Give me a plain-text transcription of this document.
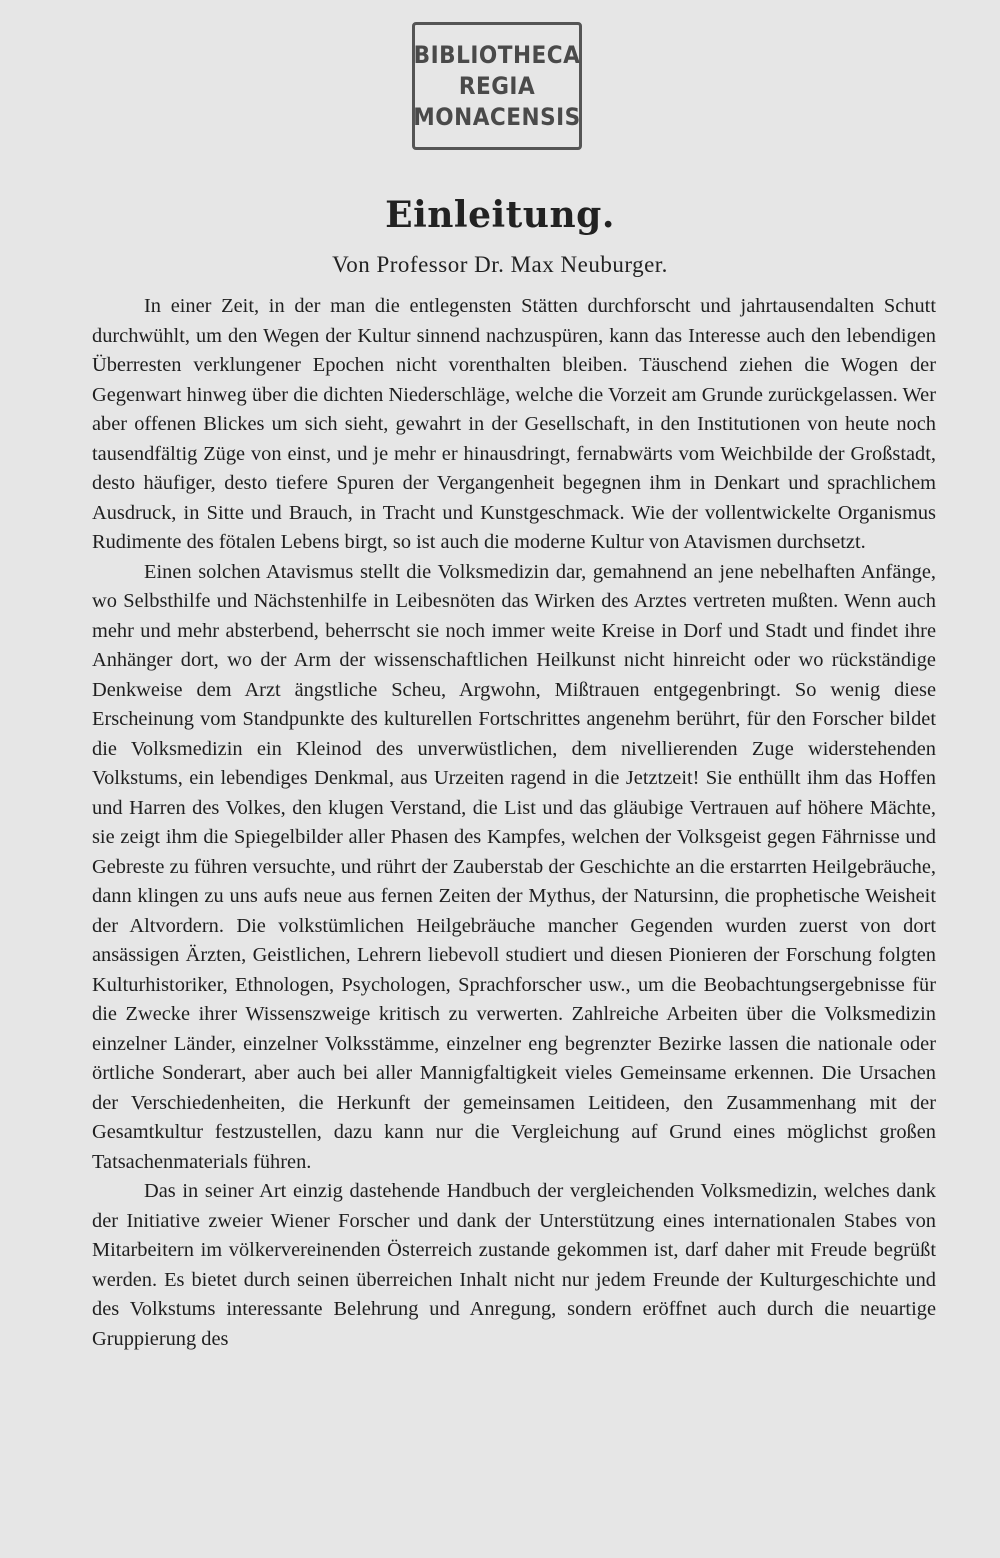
BIBLIOTHECA
REGIA
MONACENSIS
Einleitung.
Von Professor Dr. Max Neuburger.

In einer Zeit, in der man die entlegensten Stätten durchforscht und jahrtausendalten Schutt durchwühlt, um den Wegen der Kultur sinnend nachzuspüren, kann das Interesse auch den lebendigen Überresten verklungener Epochen nicht vorenthalten bleiben. Täuschend ziehen die Wogen der Gegenwart hinweg über die dichten Niederschläge, welche die Vorzeit am Grunde zurückgelassen. Wer aber offenen Blickes um sich sieht, gewahrt in der Gesellschaft, in den Institutionen von heute noch tausendfältig Züge von einst, und je mehr er hinausdringt, fernabwärts vom Weichbilde der Großstadt, desto häufiger, desto tiefere Spuren der Vergangenheit begegnen ihm in Denkart und sprachlichem Ausdruck, in Sitte und Brauch, in Tracht und Kunstgeschmack. Wie der vollentwickelte Organismus Rudimente des fötalen Lebens birgt, so ist auch die moderne Kultur von Atavismen durchsetzt.

Einen solchen Atavismus stellt die Volksmedizin dar, gemahnend an jene nebelhaften Anfänge, wo Selbsthilfe und Nächstenhilfe in Leibesnöten das Wirken des Arztes vertreten mußten. Wenn auch mehr und mehr absterbend, beherrscht sie noch immer weite Kreise in Dorf und Stadt und findet ihre Anhänger dort, wo der Arm der wissenschaftlichen Heilkunst nicht hinreicht oder wo rückständige Denkweise dem Arzt ängstliche Scheu, Argwohn, Mißtrauen entgegenbringt. So wenig diese Erscheinung vom Standpunkte des kulturellen Fortschrittes angenehm berührt, für den Forscher bildet die Volksmedizin ein Kleinod des unverwüstlichen, dem nivellierenden Zuge widerstehenden Volkstums, ein lebendiges Denkmal, aus Urzeiten ragend in die Jetztzeit! Sie enthüllt ihm das Hoffen und Harren des Volkes, den klugen Verstand, die List und das gläubige Vertrauen auf höhere Mächte, sie zeigt ihm die Spiegelbilder aller Phasen des Kampfes, welchen der Volksgeist gegen Fährnisse und Gebreste zu führen versuchte, und rührt der Zauberstab der Geschichte an die erstarrten Heilgebräuche, dann klingen zu uns aufs neue aus fernen Zeiten der Mythus, der Natursinn, die prophetische Weisheit der Altvordern. Die volkstümlichen Heilgebräuche mancher Gegenden wurden zuerst von dort ansässigen Ärzten, Geistlichen, Lehrern liebevoll studiert und diesen Pionieren der Forschung folgten Kulturhistoriker, Ethnologen, Psychologen, Sprachforscher usw., um die Beobachtungsergebnisse für die Zwecke ihrer Wissenszweige kritisch zu verwerten. Zahlreiche Arbeiten über die Volksmedizin einzelner Länder, einzelner Volksstämme, einzelner eng begrenzter Bezirke lassen die nationale oder örtliche Sonderart, aber auch bei aller Mannigfaltigkeit vieles Gemeinsame erkennen. Die Ursachen der Verschiedenheiten, die Herkunft der gemeinsamen Leitideen, den Zusammenhang mit der Gesamtkultur festzustellen, dazu kann nur die Vergleichung auf Grund eines möglichst großen Tatsachenmaterials führen.

Das in seiner Art einzig dastehende Handbuch der vergleichenden Volksmedizin, welches dank der Initiative zweier Wiener Forscher und dank der Unterstützung eines internationalen Stabes von Mitarbeitern im völkervereinenden Österreich zustande gekommen ist, darf daher mit Freude begrüßt werden. Es bietet durch seinen überreichen Inhalt nicht nur jedem Freunde der Kulturgeschichte und des Volkstums interessante Belehrung und Anregung, sondern eröffnet auch durch die neuartige Gruppierung des
